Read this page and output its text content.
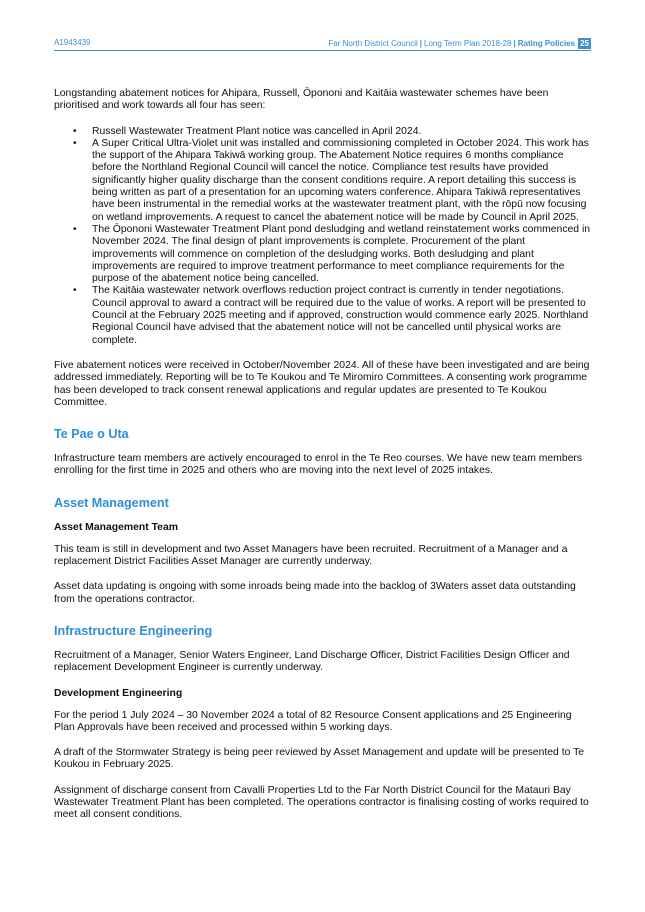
A1943439	Far North District Council | Long Term Plan 2018-28 | Rating Policies 25

Longstanding abatement notices for Ahipara, Russell, Ōpononi and Kaitāia wastewater schemes have been prioritised and work towards all four has seen:

• Russell Wastewater Treatment Plant notice was cancelled in April 2024.
• A Super Critical Ultra-Violet unit was installed and commissioning completed in October 2024. This work has the support of the Ahipara Takiwā working group. The Abatement Notice requires 6 months compliance before the Northland Regional Council will cancel the notice. Compliance test results have provided significantly higher quality discharge than the consent conditions require. A report detailing this success is being written as part of a presentation for an upcoming waters conference. Ahipara Takiwā representatives have been instrumental in the remedial works at the wastewater treatment plant, with the rōpū now focusing on wetland improvements. A request to cancel the abatement notice will be made by Council in April 2025.
• The Ōpononi Wastewater Treatment Plant pond desludging and wetland reinstatement works commenced in November 2024. The final design of plant improvements is complete. Procurement of the plant improvements will commence on completion of the desludging works. Both desludging and plant improvements are required to improve treatment performance to meet compliance requirements for the purpose of the abatement notice being cancelled.
• The Kaitāia wastewater network overflows reduction project contract is currently in tender negotiations. Council approval to award a contract will be required due to the value of works. A report will be presented to Council at the February 2025 meeting and if approved, construction would commence early 2025. Northland Regional Council have advised that the abatement notice will not be cancelled until physical works are complete.

Five abatement notices were received in October/November 2024. All of these have been investigated and are being addressed immediately. Reporting will be to Te Koukou and Te Miromiro Committees. A consenting work programme has been developed to track consent renewal applications and regular updates are presented to Te Koukou Committee.

Te Pae o Uta

Infrastructure team members are actively encouraged to enrol in the Te Reo courses. We have new team members enrolling for the first time in 2025 and others who are moving into the next level of 2025 intakes.

Asset Management
Asset Management Team

This team is still in development and two Asset Managers have been recruited. Recruitment of a Manager and a replacement District Facilities Asset Manager are currently underway.

Asset data updating is ongoing with some inroads being made into the backlog of 3Waters asset data outstanding from the operations contractor.

Infrastructure Engineering

Recruitment of a Manager, Senior Waters Engineer, Land Discharge Officer, District Facilities Design Officer and replacement Development Engineer is currently underway.

Development Engineering

For the period 1 July 2024 – 30 November 2024 a total of 82 Resource Consent applications and 25 Engineering Plan Approvals have been received and processed within 5 working days.

A draft of the Stormwater Strategy is being peer reviewed by Asset Management and update will be presented to Te Koukou in February 2025.

Assignment of discharge consent from Cavalli Properties Ltd to the Far North District Council for the Matauri Bay Wastewater Treatment Plant has been completed. The operations contractor is finalising costing of works required to meet all consent conditions.
